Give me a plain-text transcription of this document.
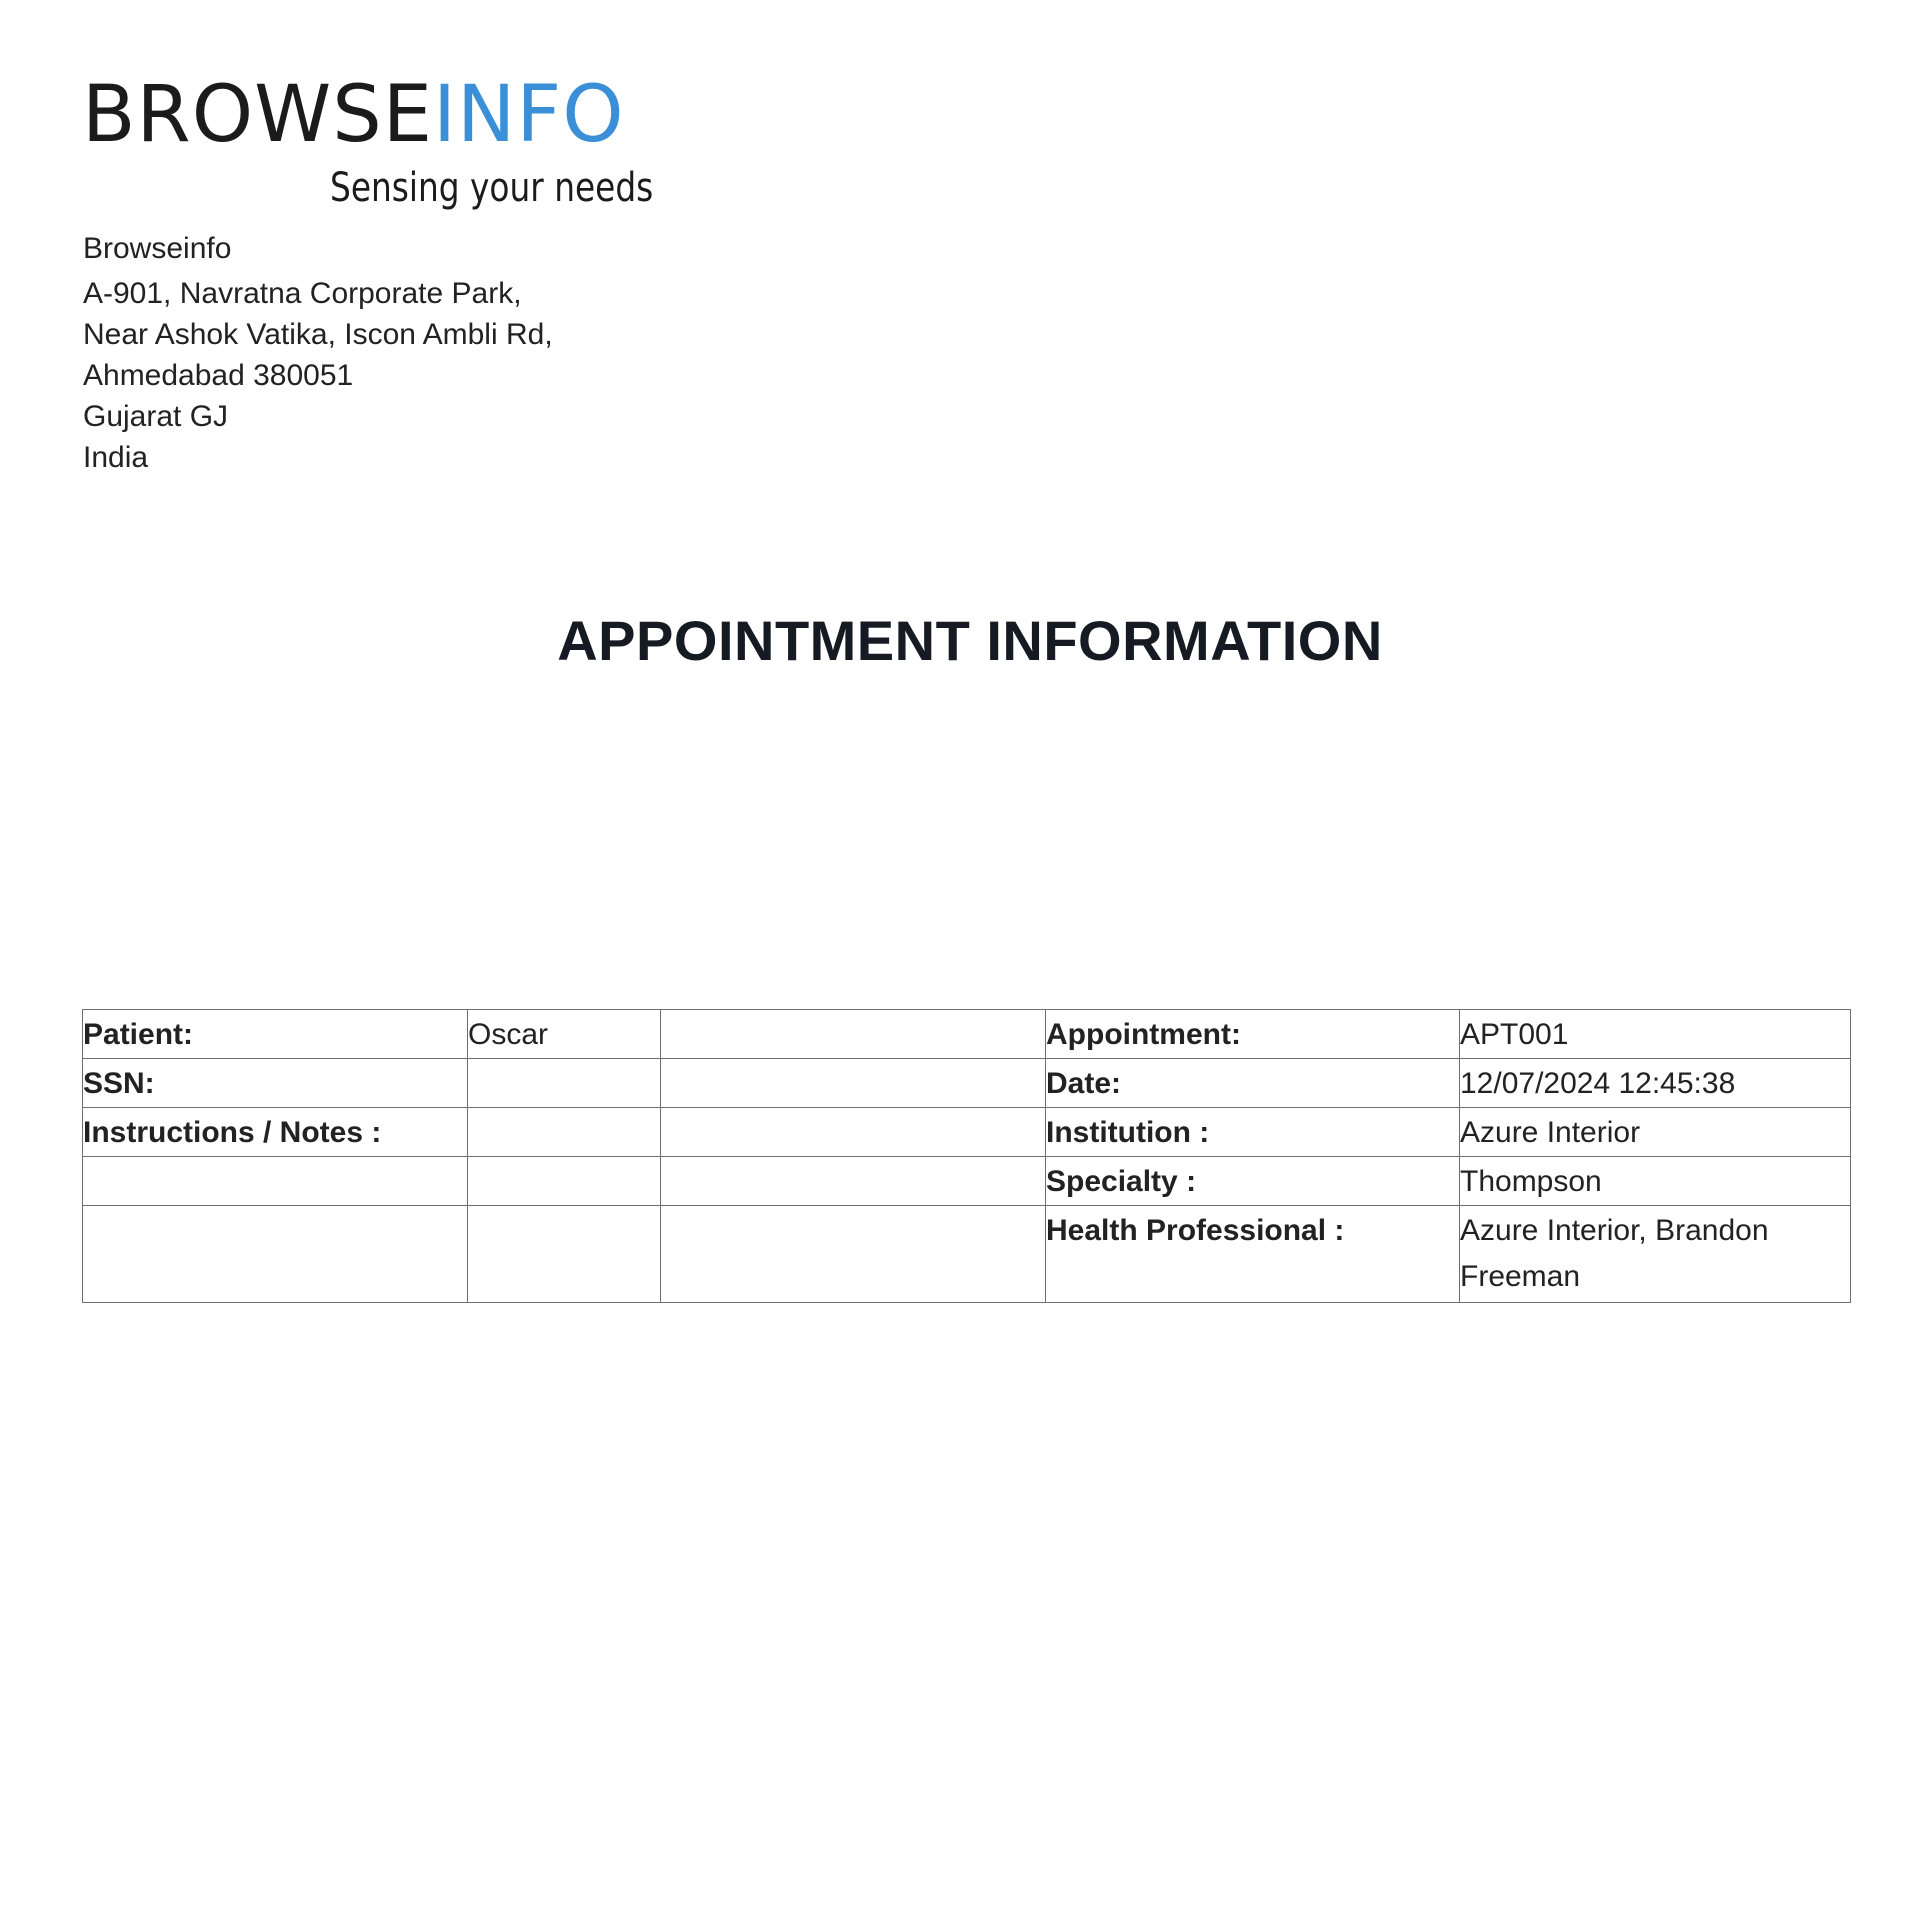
BROWSEINFO
Sensing your needs
Browseinfo
A-901, Navratna Corporate Park,
Near Ashok Vatika, Iscon Ambli Rd,
Ahmedabad 380051
Gujarat GJ
India
APPOINTMENT INFORMATION
Patient:	Oscar		Appointment:	APT001
SSN:			Date:	12/07/2024 12:45:38
Instructions / Notes :			Institution :	Azure Interior
			Specialty :	Thompson
			Health Professional :	Azure Interior, Brandon Freeman
